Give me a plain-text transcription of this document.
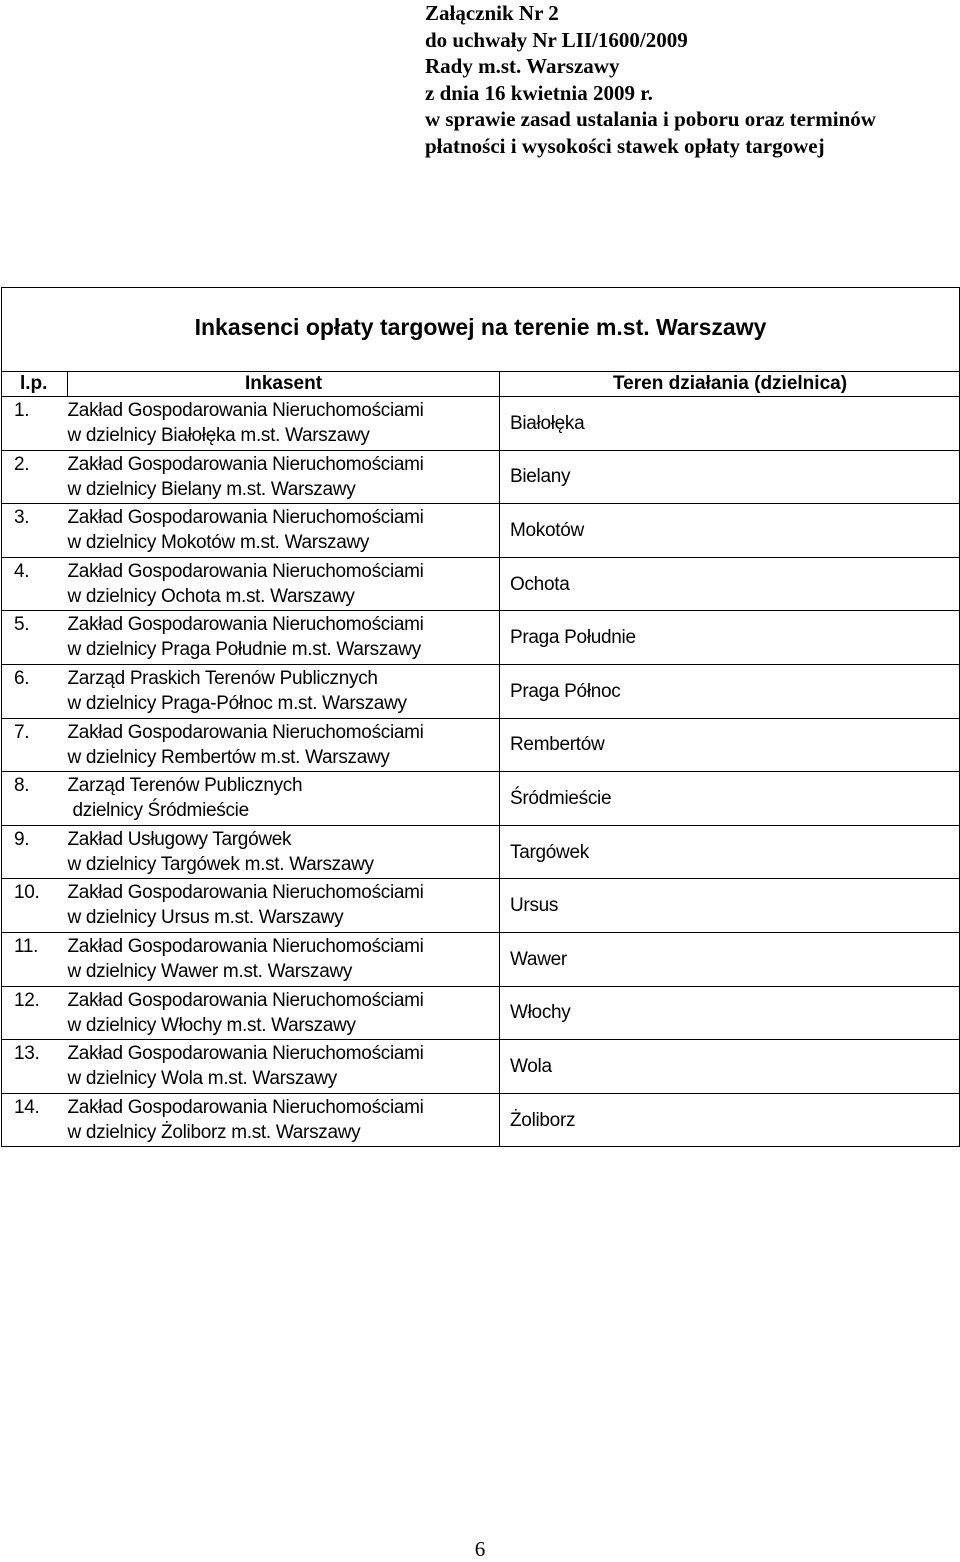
Załącznik Nr 2
do uchwały Nr LII/1600/2009
Rady m.st. Warszawy
z dnia 16 kwietnia 2009 r.
w sprawie zasad ustalania i poboru oraz terminów
płatności i wysokości stawek opłaty targowej
Inkasenci opłaty targowej na terenie m.st. Warszawy		
l.p.	Inkasent	Teren działania (dzielnica)
1.	Zakład Gospodarowania Nieruchomościami
w dzielnicy Białołęka m.st. Warszawy	Białołęka
2.	Zakład Gospodarowania Nieruchomościami
w dzielnicy Bielany m.st. Warszawy	Bielany
3.	Zakład Gospodarowania Nieruchomościami
w dzielnicy Mokotów m.st. Warszawy	Mokotów
4.	Zakład Gospodarowania Nieruchomościami
w dzielnicy Ochota m.st. Warszawy	Ochota
5.	Zakład Gospodarowania Nieruchomościami
w dzielnicy Praga Południe m.st. Warszawy	Praga Południe
6.	Zarząd Praskich Terenów Publicznych
w dzielnicy Praga-Północ m.st. Warszawy	Praga Północ
7.	Zakład Gospodarowania Nieruchomościami
w dzielnicy Rembertów m.st. Warszawy	Rembertów
8.	Zarząd Terenów Publicznych
dzielnicy Śródmieście	Śródmieście
9.	Zakład Usługowy Targówek
w dzielnicy Targówek m.st. Warszawy	Targówek
10.	Zakład Gospodarowania Nieruchomościami
w dzielnicy Ursus m.st. Warszawy	Ursus
11.	Zakład Gospodarowania Nieruchomościami
w dzielnicy Wawer m.st. Warszawy	Wawer
12.	Zakład Gospodarowania Nieruchomościami
w dzielnicy Włochy m.st. Warszawy	Włochy
13.	Zakład Gospodarowania Nieruchomościami
w dzielnicy Wola m.st. Warszawy	Wola
14.	Zakład Gospodarowania Nieruchomościami
w dzielnicy Żoliborz m.st. Warszawy	Żoliborz
6
